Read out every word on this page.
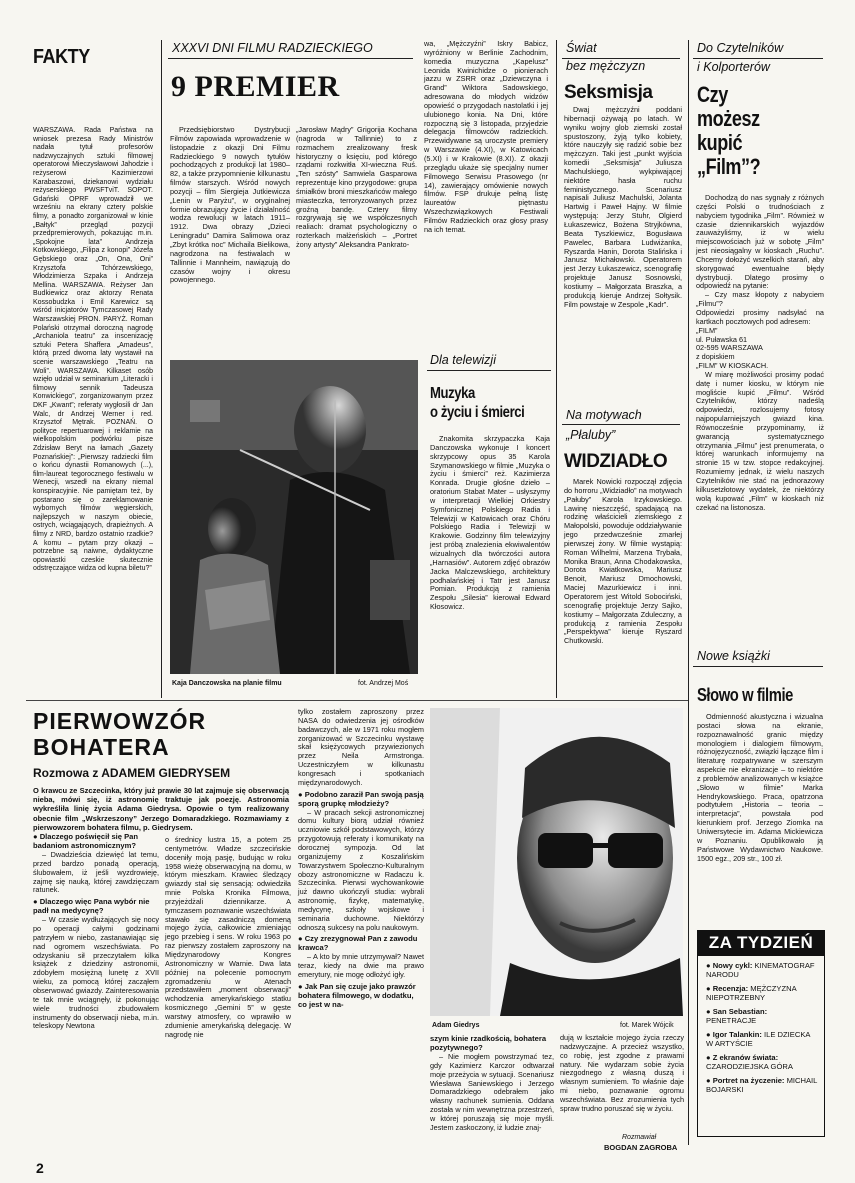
FAKTY
WARSZAWA. Rada Państwa na wniosek prezesa Rady Ministrów nadała tytuł profesorów nadzwyczajnych sztuki filmowej operatorowi Mieczysławowi Jahodzie i reżyserowi Kazimierzowi Karabaszowi, dziekanowi wydziału reżyserskiego PWSFTviT. SOPOT. Gdański OPRF wprowadził we wrześniu na ekrany cztery polskie filmy, a ponadto zorganizował w kinie „Bałtyk” przegląd pozycji przedpremierowych, pokazując m.in. „Spokojne lata” Andrzeja Kotkowskiego, „Filipa z konopi” Józefa Gębskiego oraz „On, Ona, Oni” Krzysztofa Tchórzewskiego, Włodzimierza Szpaka i Andrzeja Mellina. WARSZAWA. Reżyser Jan Budkiewicz oraz aktorzy Renata Kossobudzka i Emil Karewicz są wśród inicjatorów Tymczasowej Rady Warszawskiej PRON. PARYŻ. Roman Polański otrzymał doroczną nagrodę „Archaniola teatru” za inscenizację sztuki Petera Shaffera „Amadeus”, którą przed dwoma laty wystawił na scenie warszawskiego „Teatru na Woli”. WARSZAWA. Kilkaset osób wzięło udział w seminarium „Literacki i filmowy sennik Tadeusza Konwickiego”, zorganizowanym przez DKF „Kwant”; referaty wygłosili dr Jan Walc, dr Andrzej Werner i red. Krzysztof Mętrak. POZNAŃ. O polityce repertuarowej i reklamie na wielkopolskim podwórku pisze Zdzisław Beryt na łamach „Gazety Poznańskiej”: „Pierwszy radziecki film o końcu dynastii Romanowych (...), film-laureat tegorocznego festiwalu w Wenecji, wszedł na ekrany niemal konspiracyjnie. Nie pamiętam też, by postarano się o zareklamowanie wybornych filmów węgierskich, najlepszych w naszym obiecie, ostrych, wciągających, drapieżnych. A filmy z NRD, bardzo ostatnio rzadkie? A komu – pytam przy okazji – potrzebne są naiwne, dydaktyczne opowiastki czeskie skutecznie odstręczające widza od kupna biletu?”
XXXVI DNI FILMU RADZIECKIEGO
9 PREMIER
Przedsiębiorstwo Dystrybucji Filmów zapowiada wprowadzenie w listopadzie z okazji Dni Filmu Radzieckiego 9 nowych tytułów pochodzących z produkcji lat 1980–82, a także przypomnienie kilkunastu filmów starszych. Wśród nowych pozycji – film Siergieja Jutkiewicza „Lenin w Paryżu”, w oryginalnej formie obrazujący życie i działalność wodza rewolucji w latach 1911–1912. Dwa obrazy „Dzieci Leningradu” Damira Salimowa oraz „Zbyt krótka noc” Michaila Bielikowa, nagrodzona na festiwalach w Tallinnie i Mannheim, nawiązują do czasów wojny i okresu powojennego.
„Jarosław Mądry” Grigorija Kochana (nagroda w Tallinnie) to z rozmachem zrealizowany fresk historyczny o księciu, pod którego rządami rozkwitła XI-wieczna Ruś. „Ten szósty” Samwiela Gasparowa reprezentuje kino przygodowe: grupa śmiałków broni mieszkańców małego miasteczka, terroryzowanych przez groźną bandę. Cztery filmy rozgrywają się we współczesnych realiach: dramat psychologiczny o rozterkach małżeńskich – „Portret żony artysty” Aleksandra Pankrato-
wa, „Mężczyźni” Iskry Babicz, wyróżniony w Berlinie Zachodnim, komedia muzyczna „Kapelusz” Leonida Kwinichidze o pionierach jazzu w ZSRR oraz „Dziewczyna i Grand” Wiktora Sadowskiego, adresowana do młodych widzów opowieść o przygodach nastolatki i jej ulubionego konia. Na Dni, które rozpoczną się 3 listopada, przyjedzie delegacja filmowców radzieckich. Przewidywane są uroczyste premiery w Warszawie (4.XI), w Katowicach (5.XI) i w Krakowie (8.XI). Z okazji przeglądu ukaże się specjalny numer Filmowego Serwisu Prasowego (nr 14), zawierający omówienie nowych filmów. FSP drukuje pełną listę laureatów piętnastu Wszechzwiązkowych Festiwali Filmów Radzieckich oraz głosy prasy na ich temat.
Kaja Danczowska na planie filmu	fot. Andrzej Moś
Dla telewizji
Muzyka
o życiu i śmierci
Znakomita skrzypaczka Kaja Danczowska wykonuje I koncert skrzypcowy opus 35 Karola Szymanowskiego w filmie „Muzyka o życiu i śmierci” reż. Kazimierza Konrada. Drugie głośne dzieło – oratorium Stabat Mater – usłyszymy w interpretacji Wielkiej Orkiestry Symfonicznej Polskiego Radia i Telewizji w Katowicach oraz Chóru Polskiego Radia i Telewizji w Krakowie. Godzinny film telewizyjny jest próbą znalezienia ekwiwalentów wizualnych dla twórczości autora „Harnasiów”. Autorem zdjęć obrazów Jacka Malczewskiego, architektury podhalańskiej i Tatr jest Janusz Pomian. Produkcją z ramienia Zespołu „Silesia” kierował Edward Kłosowicz.
Świat
bez mężczyzn
Seksmisja
Dwaj mężczyźni poddani hibernacji ożywają po latach. W wyniku wojny glob ziemski został spustoszony, żyją tylko kobiety, które nauczyły się radzić sobie bez mężczyzn. Taki jest „punkt wyjścia komedii „Seksmisja” Juliusza Machulskiego, wykpiwającej niektóre hasła ruchu feministycznego. Scenariusz napisali Juliusz Machulski, Jolanta Hartwig i Paweł Hajny. W filmie występują: Jerzy Stuhr, Olgierd Łukaszewicz, Bożena Stryjkówna, Beata Tyszkiewicz, Bogusława Pawelec, Barbara Ludwiżanka, Ryszarda Hanin, Dorota Stalińska i Janusz Michałowski. Operatorem jest Jerzy Łukaszewicz, scenografię projektuje Janusz Sosnowski, kostiumy – Małgorzata Braszka, a produkcją kieruje Andrzej Sołtysik. Film powstaje w Zespole „Kadr”.
Na motywach
„Płaluby”
WIDZIADŁO
Marek Nowicki rozpoczął zdjęcia do horroru „Widziadło” na motywach „Pałuby” Karola Irzykowskiego. Lawinę nieszczęść, spadającą na rodzinę właścicieli ziemskiego z Małopolski, powoduje oddziaływanie jego przedwcześnie zmarłej pierwszej żony. W filmie wystąpią: Roman Wilhelmi, Marzena Trybała, Monika Braun, Anna Chodakowska, Dorota Kwiatkowska, Mariusz Benoit, Mariusz Dmochowski, Maciej Mazurkiewicz i inni. Operatorem jest Witold Sobociński, scenografię projektuje Jerzy Sajko, kostiumy – Małgorzata Zduleczny, a produkcją z ramienia Zespołu „Perspektywa” kieruje Ryszard Chutkowski.
Do Czytelników
i Kolporterów
Czy
możesz
kupić
„Film”?
Dochodzą do nas sygnały z różnych części Polski o trudnościach z nabyciem tygodnika „Film”. Również w czasie dziennikarskich wyjazdów zauważyliśmy, iż w wielu miejscowościach już w sobotę „Film” jest nieosiągalny w kioskach „Ruchu”. Chcemy dołożyć wszelkich starań, aby skorygować ewentualne błędy dystrybucji. Dlatego prosimy o odpowiedź na pytanie:
– Czy masz kłopoty z nabyciem „Filmu”?
Odpowiedzi prosimy nadsyłać na kartkach pocztowych pod adresem:
„FILM”
ul. Puławska 61
02-595 WARSZAWA
z dopiskiem
„FILM” W KIOSKACH.
W miarę możliwości prosimy podać datę i numer kiosku, w którym nie mogliście kupić „Filmu”. Wśród Czytelników, którzy nadeślą odpowiedzi, rozlosujemy fotosy najpopularniejszych gwiazd kina. Równocześnie przypominamy, iż gwarancją systematycznego otrzymania „Filmu” jest prenumerata, o której warunkach informujemy na stronie 15 w tzw. stopce redakcyjnej. Rozumiemy jednak, iż wielu naszych Czytelników nie stać na jednorazowy kilkusetzłotowy wydatek, że niektórzy wolą kupować „Film” w kioskach niż czekać na listonosza.
Nowe książki
Słowo w filmie
Odmienność akustyczna i wizualna postaci słowa na ekranie, rozpoznawalność granic między monologiem i dialogiem filmowym, różnojęzyczność, związki łączące film i literaturę rozpatrywane w szerszym aspekcie nie ekranizacje – to niektóre z problemów analizowanych w książce „Słowo w filmie” Marka Hendrykowskiego. Praca, opatrzona podtytułem „Historia – teoria – interpretacja”, powstała pod kierunkiem prof. Jerzego Ziomka na Uniwersytecie im. Adama Mickiewicza w Poznaniu. Opublikowało ją Państwowe Wydawnictwo Naukowe. 1500 egz., 209 str., 100 zł.
ZA TYDZIEŃ
● Nowy cykl: KINEMATOGRAF NARODU
● Recenzja: MĘŻCZYZNA NIEPOTRZEBNY
● San Sebastian: PENETRACJE
● Igor Talankin: ILE DZIECKA W ARTYŚCIE
● Z ekranów świata: CZARODZIEJSKA GÓRA
● Portret na życzenie: MICHAIL BOJARSKI
PIERWOWZÓR
BOHATERA
Rozmowa z ADAMEM GIEDRYSEM
O krawcu ze Szczecinka, który już prawie 30 lat zajmuje się obserwacją nieba, mówi się, iż astronomię traktuje jak poezję. Astronomia wykreśliła linię życia Adama Giedrysa. Opowie o tym realizowany obecnie film „Wskrzeszony” Jerzego Domaradzkiego. Rozmawiamy z pierwowzorem bohatera filmu, p. Giedrysem.
● Dlaczego poświęcił się Pan badaniom astronomicznym?
– Dwadzieścia dziewięć lat temu, przed bardzo ponadą operacją, ślubowałem, iż jeśli wyzdrowieję, zajmę się nauką, której zawdzięczam ratunek.
● Dlaczego więc Pana wybór nie padł na medycynę?
– W czasie wydłużających się nocy po operacji całymi godzinami patrzyłem w niebo, zastanawiając się nad ogromem wszechświata. Po odzyskaniu sił przeczytałem kilka książek z dziedziny astronomii, zdobyłem mosiężną lunetę z XVII wieku, za pomocą której zacząłem obserwować gwiazdy. Zainteresowania te tak mnie wciągnęły, iż pokonując wiele trudności zbudowałem instrumenty do obserwacji nieba, m.in. teleskopy Newtona
o średnicy lustra 15, a potem 25 centymetrów. Władze szczecińskie doceniły moją pasję, budując w roku 1958 wieżę obserwacyjną na domu, w którym mieszkam. Krawiec śledzący gwiazdy stał się sensacją: odwiedziła mnie Polska Kronika Filmowa, przyjeżdżali dziennikarze. A tymczasem poznawanie wszechświata stawało się zasadniczą domeną mojego życia, całkowicie zmieniając jego przebieg i sens. W roku 1963 po raz pierwszy zostałem zaproszony na Międzynarodowy Kongres Astronomiczny w Warnie. Dwa lata później na polecenie pomocnym zgromadzeniu w Atenach przedstawiłem „moment obserwacji” wchodzenia amerykańskiego statku kosmicznego „Gemini 5” w gęste warstwy atmosfery, co wprawiło w zdumienie amerykańską delegację. W nagrodę nie
tylko zostałem zaproszony przez NASA do odwiedzenia jej ośrodków badawczych, ale w 1971 roku mogłem zorganizować w Szczecinku wystawę skał księżycowych przywiezionych przez Neila Armstronga. Uczestniczyłem w kilkunastu kongresach i spotkaniach międzynarodowych.
● Podobno zaraził Pan swoją pasją sporą grupkę młodzieży?
– W pracach sekcji astronomicznej domu kultury biorą udział również uczniowie szkół podstawowych, którzy przygotowują referaty i komunikaty na dorocznej sympozja. Od lat organizujemy z Koszalińskim Towarzystwem Społeczno-Kulturalnym obozy astronomiczne w Radaczu k. Szczecinka. Pierwsi wychowankowie już dawno ukończyli studia: wybrali astronomię, fizykę, matematykę, medycynę, szkoły wojskowe i seminaria duchowne. Niektórzy odnoszą sukcesy na polu naukowym.
● Czy zrezygnował Pan z zawodu krawca?
– A kto by mnie utrzymywał? Nawet teraz, kiedy na dwie ma prawo emerytury, nie mogę odłożyć igły.
● Jak Pan się czuje jako prawzór bohatera filmowego, w dodatku, co jest w na-
Adam Giedrys	fot. Marek Wójcik
szym kinie rzadkością, bohatera pozytywnego?
– Nie mogłem powstrzymać tez, gdy Kazimierz Karczor odtwarzał moje przeżycia w sytuacji. Scenariusz Wiesława Saniewskiego i Jerzego Domaradzkiego odebrałem jako własny rachunek sumienia. Oddana została w nim wewnętrzna przestrzeń, w której poruszają się moje myśli. Jestem zaskoczony, iż ludzie znaj-
dują w kształcie mojego życia rzeczy nadzwyczajne. A przecież wszystko, co robię, jest zgodne z prawami natury. Nie wydarzam sobie życia niezgodnego z własną duszą i własnym sumieniem. To właśnie daje mi niebo, poznawanie ogromu wszechświata. Bez zrozumienia tych spraw trudno poruszać się w życiu.
Rozmawiał
BOGDAN ZAGROBA
2
